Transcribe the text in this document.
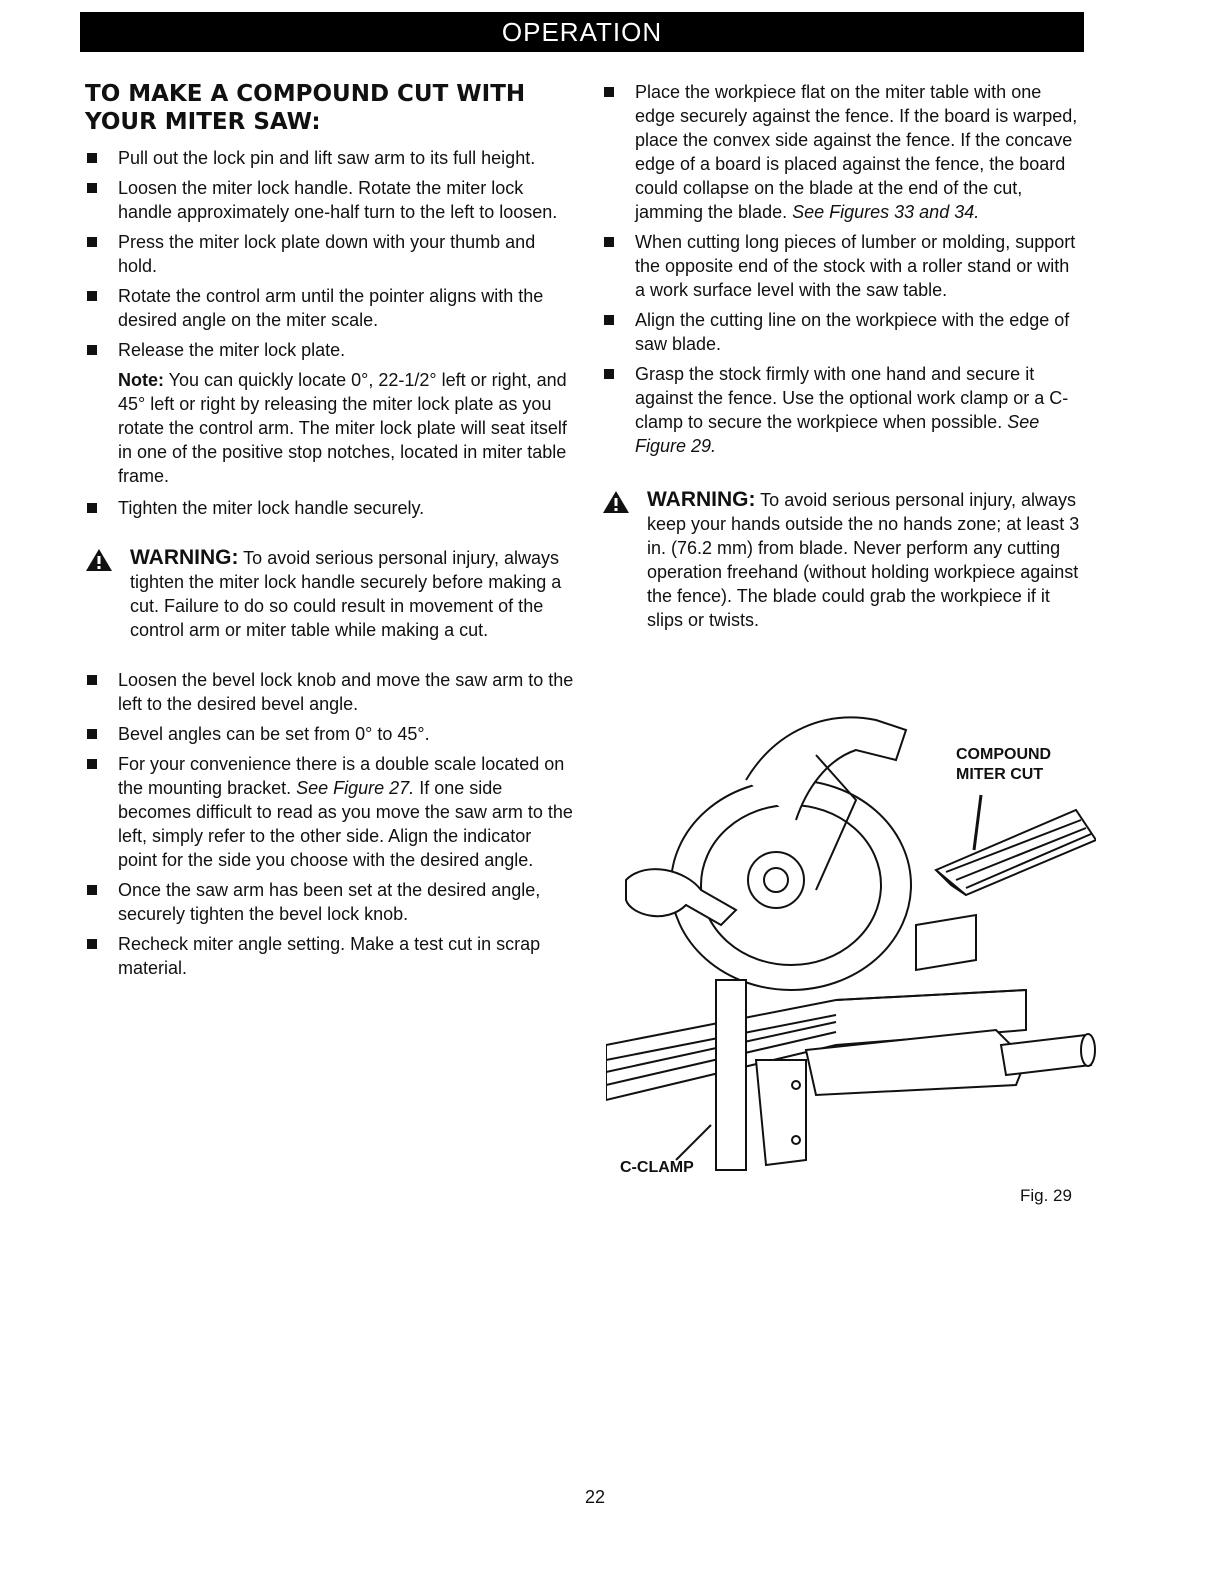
OPERATION
TO MAKE A COMPOUND CUT WITH YOUR MITER SAW:
Pull out the lock pin and lift saw arm to its full height.
Loosen the miter lock handle. Rotate the miter lock handle approximately one-half turn to the left to loosen.
Press the miter lock plate down with your thumb and hold.
Rotate the control arm until the pointer aligns with the desired angle on the miter scale.
Release the miter lock plate.
Note: You can quickly locate 0°, 22-1/2° left or right, and 45° left or right by releasing the miter lock plate as you rotate the control arm. The miter lock plate will seat itself in one of the positive stop notches, located in miter table frame.
Tighten the miter lock handle securely.
WARNING: To avoid serious personal injury, always tighten the miter lock handle securely before making a cut. Failure to do so could result in movement of the control arm or miter table while making a cut.
Loosen the bevel lock knob and move the saw arm to the left to the desired bevel angle.
Bevel angles can be set from 0° to 45°.
For your convenience there is a double scale located on the mounting bracket. See Figure 27. If one side becomes difficult to read as you move the saw arm to the left, simply refer to the other side. Align the indicator point for the side you choose with the desired angle.
Once the saw arm has been set at the desired angle, securely tighten the bevel lock knob.
Recheck miter angle setting. Make a test cut in scrap material.
Place the workpiece flat on the miter table with one edge securely against the fence. If the board is warped, place the convex side against the fence. If the concave edge of a board is placed against the fence, the board could collapse on the blade at the end of the cut, jamming the blade. See Figures 33 and 34.
When cutting long pieces of lumber or molding, support the opposite end of the stock with a roller stand or with a work surface level with the saw table.
Align the cutting line on the workpiece with the edge of saw blade.
Grasp the stock firmly with one hand and secure it against the fence. Use the optional work clamp or a C-clamp to secure the workpiece when possible. See Figure 29.
WARNING: To avoid serious personal injury, always keep your hands outside the no hands zone; at least 3 in. (76.2 mm) from blade. Never perform any cutting operation freehand (without holding workpiece against the fence). The blade could grab the workpiece if it slips or twists.
COMPOUND
MITER CUT
C-CLAMP
Fig. 29
22
